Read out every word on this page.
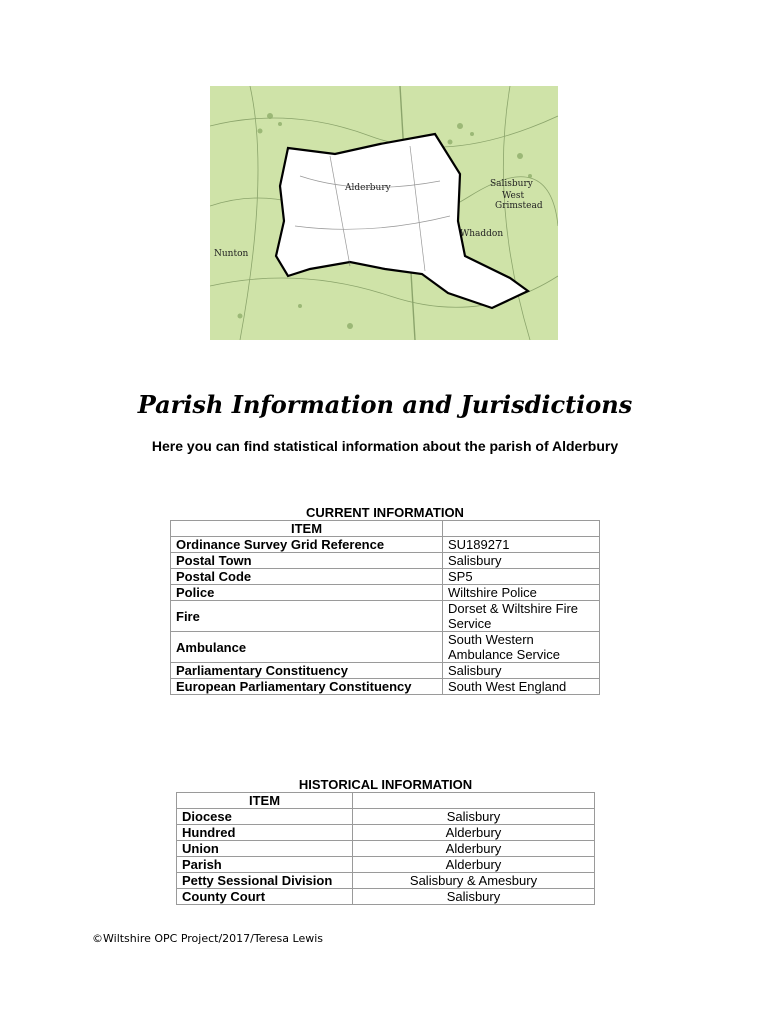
Alderbury
West
Grimstead
Salisbury
Whaddon
Nunton
Parish Information and Jurisdictions

Here you can find statistical information about the parish of Alderbury

CURRENT INFORMATION
ITEM	
Ordinance Survey Grid Reference	SU189271
Postal Town	Salisbury
Postal Code	SP5
Police	Wiltshire Police
Fire	Dorset & Wiltshire Fire Service
Ambulance	South Western Ambulance Service
Parliamentary Constituency	Salisbury
European Parliamentary Constituency	South West England
HISTORICAL INFORMATION
ITEM	
Diocese	Salisbury
Hundred	Alderbury
Union	Alderbury
Parish	Alderbury
Petty Sessional Division	Salisbury & Amesbury
County Court	Salisbury
©Wiltshire OPC Project/2017/Teresa Lewis
